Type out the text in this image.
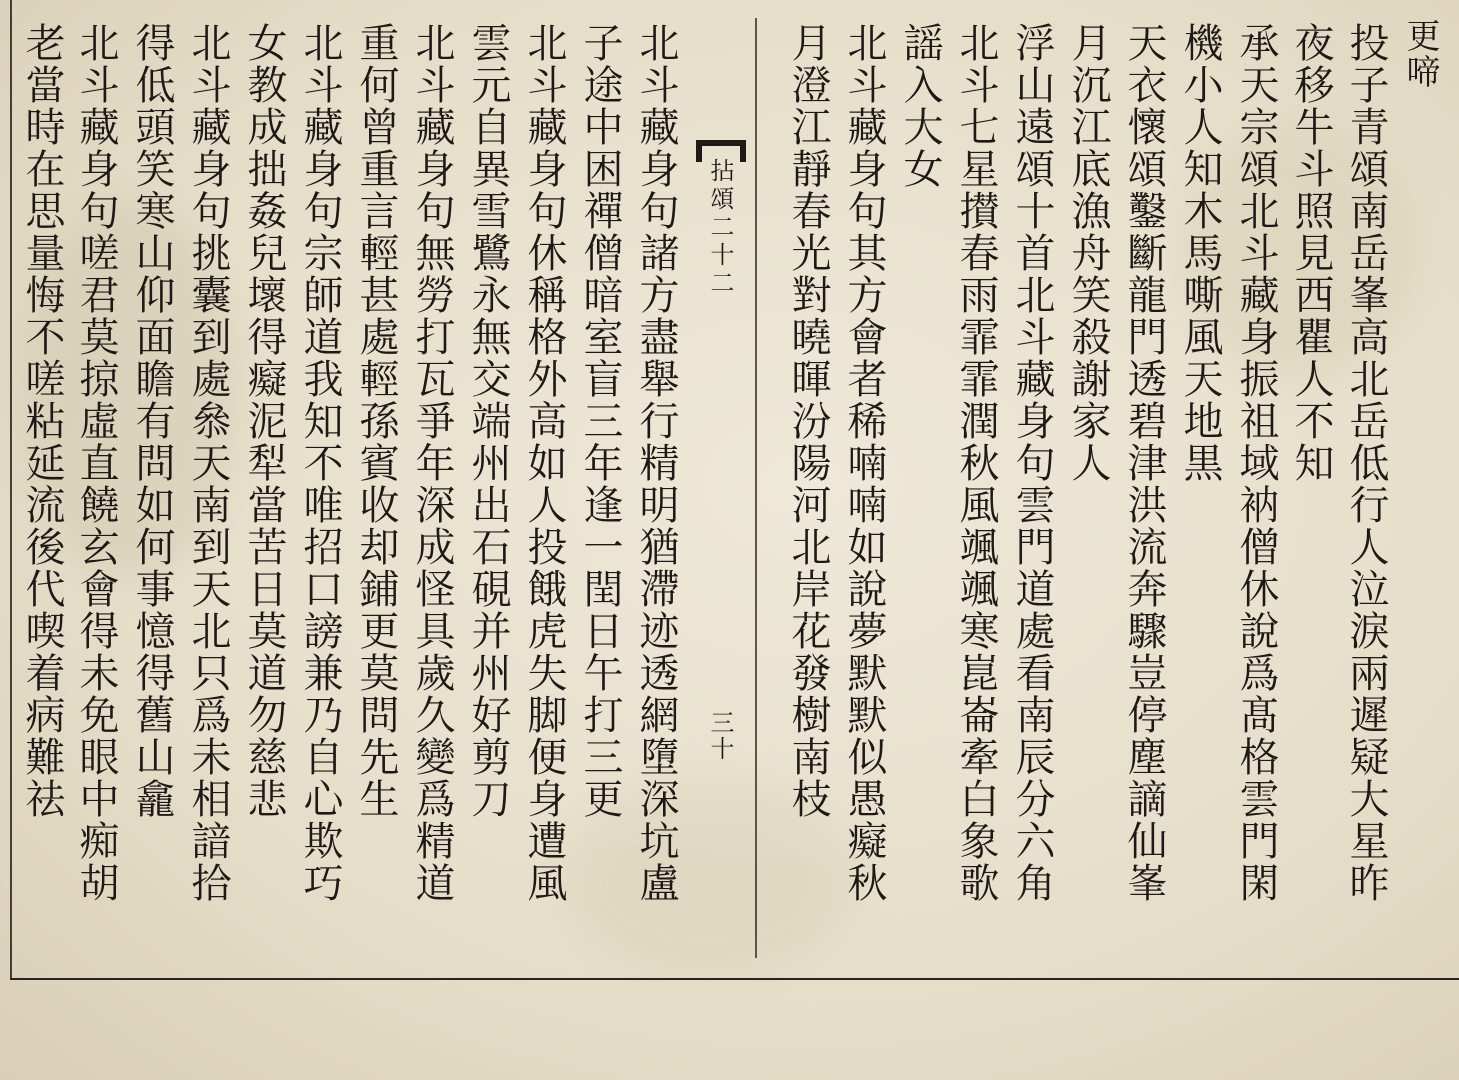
更啼
投子青頌南岳峯高北岳低行人泣淚兩遲疑大星昨
夜移牛斗照見西瞿人不知
承天宗頌北斗藏身振祖域衲僧休說爲髙格雲門閑
機小人知木馬嘶風天地黒
天衣懷頌鑿斷龍門透碧津洪流奔驟豈停塵謫仙峯
月沉江底漁舟笑殺謝家人
浮山遠頌十首北斗藏身句雲門道處看南辰分六角
北斗七星攅春雨霏霏潤秋風颯颯寒崑崙牽白象歌
謡入大女
北斗藏身句其方會者稀喃喃如說夢默默似愚癡秋
月澄江靜春光對曉暉汾陽河北岸花發樹南枝
拈頌二十二
三十
北斗藏身句諸方盡舉行精明猶滯迹透網墮深坑盧
子途中困禪僧暗室盲三年逢一閏日午打三更
北斗藏身句休稱格外高如人投餓虎失脚便身遭風
雲元自異雪鷺永無交端州出石硯并州好剪刀
北斗藏身句無勞打瓦爭年深成怪具歲久變爲精道
重何曾重言輕甚處輕孫賓收却鋪更莫問先生
北斗藏身句宗師道我知不唯招口謗兼乃自心欺巧
女教成拙姦兒壞得癡泥犁當苦日莫道勿慈悲
北斗藏身句挑囊到處叅天南到天北只爲未相諳拾
得低頭笑寒山仰面瞻有問如何事憶得舊山龕
北斗藏身句嗟君莫掠虛直饒玄會得未免眼中痴胡
老當時在思量悔不嗟粘延流後代喫着病難祛
